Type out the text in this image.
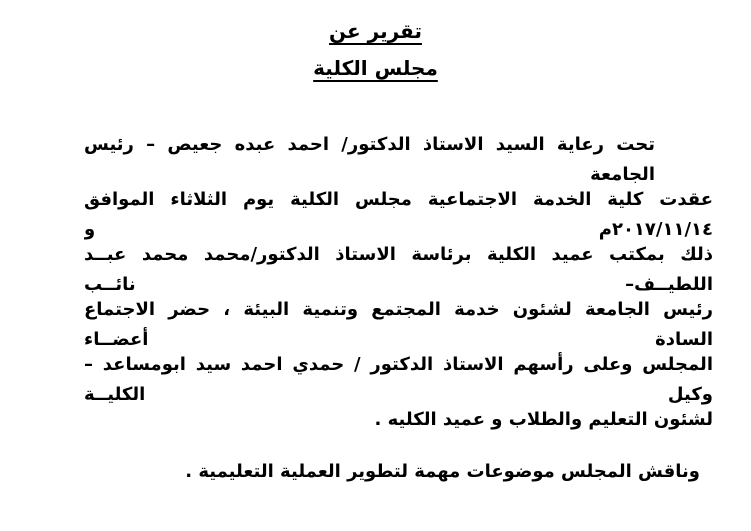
تقرير عن
مجلس الكلية
تحت رعاية السيد الاستاذ الدكتور/ احمد عبده جعيص – رئيس الجامعة
عقدت كلية الخدمة الاجتماعية مجلس الكلية يوم الثلاثاء الموافق ٢٠١٧/١١/١٤م و
ذلك بمكتب عميد الكلية برئاسة الاستاذ الدكتور/محمد محمد عبــد اللطيــف– نائــب
رئيس الجامعة لشئون خدمة المجتمع وتنمية البيئة ، حضر الاجتماع السادة أعضــاء
المجلس وعلى رأسهم الاستاذ الدكتور / حمدي احمد سيد ابومساعد – وكيل الكليــة
لشئون التعليم والطلاب و عميد الكليه .
وناقش المجلس موضوعات مهمة لتطوير العملية التعليمية .
